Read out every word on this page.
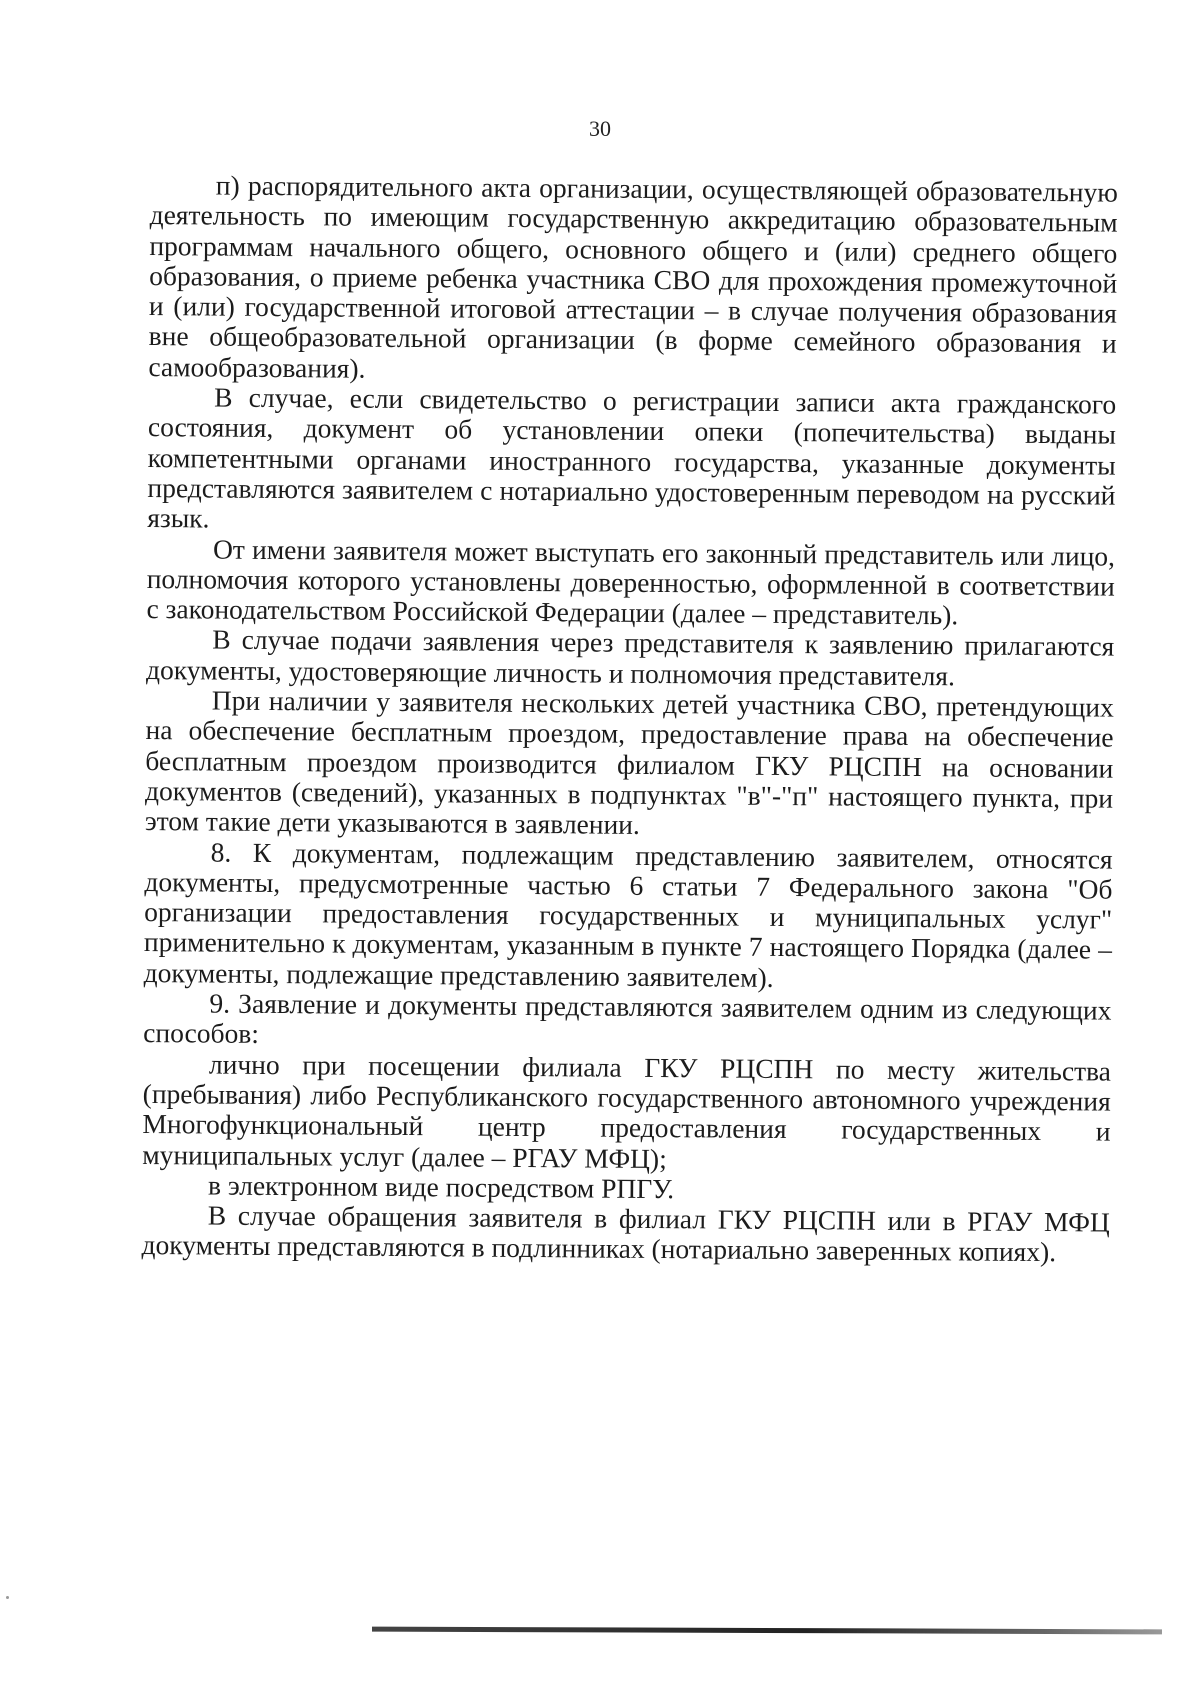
30

п) распорядительного акта организации, осуществляющей образовательную деятельность по имеющим государственную аккредитацию образовательным программам начального общего, основного общего и (или) среднего общего образования, о приеме ребенка участника СВО для прохождения промежуточной и (или) государственной итоговой аттестации – в случае получения образования вне общеобразовательной организации (в форме семейного образования и самообразования).

В случае, если свидетельство о регистрации записи акта гражданского состояния, документ об установлении опеки (попечительства) выданы компетентными органами иностранного государства, указанные документы представляются заявителем с нотариально удостоверенным переводом на русский язык.

От имени заявителя может выступать его законный представитель или лицо, полномочия которого установлены доверенностью, оформленной в соответствии с законодательством Российской Федерации (далее – представитель).

В случае подачи заявления через представителя к заявлению прилагаются документы, удостоверяющие личность и полномочия представителя.

При наличии у заявителя нескольких детей участника СВО, претендующих на обеспечение бесплатным проездом, предоставление права на обеспечение бесплатным проездом производится филиалом ГКУ РЦСПН на основании документов (сведений), указанных в подпунктах "в"-"п" настоящего пункта, при этом такие дети указываются в заявлении.

8. К документам, подлежащим представлению заявителем, относятся документы, предусмотренные частью 6 статьи 7 Федерального закона "Об организации предоставления государственных и муниципальных услуг" применительно к документам, указанным в пункте 7 настоящего Порядка (далее – документы, подлежащие представлению заявителем).

9. Заявление и документы представляются заявителем одним из следующих способов:

лично при посещении филиала ГКУ РЦСПН по месту жительства (пребывания) либо Республиканского государственного автономного учреждения Многофункциональный центр предоставления государственных и муниципальных услуг (далее – РГАУ МФЦ);

в электронном виде посредством РПГУ.

В случае обращения заявителя в филиал ГКУ РЦСПН или в РГАУ МФЦ документы представляются в подлинниках (нотариально заверенных копиях).
